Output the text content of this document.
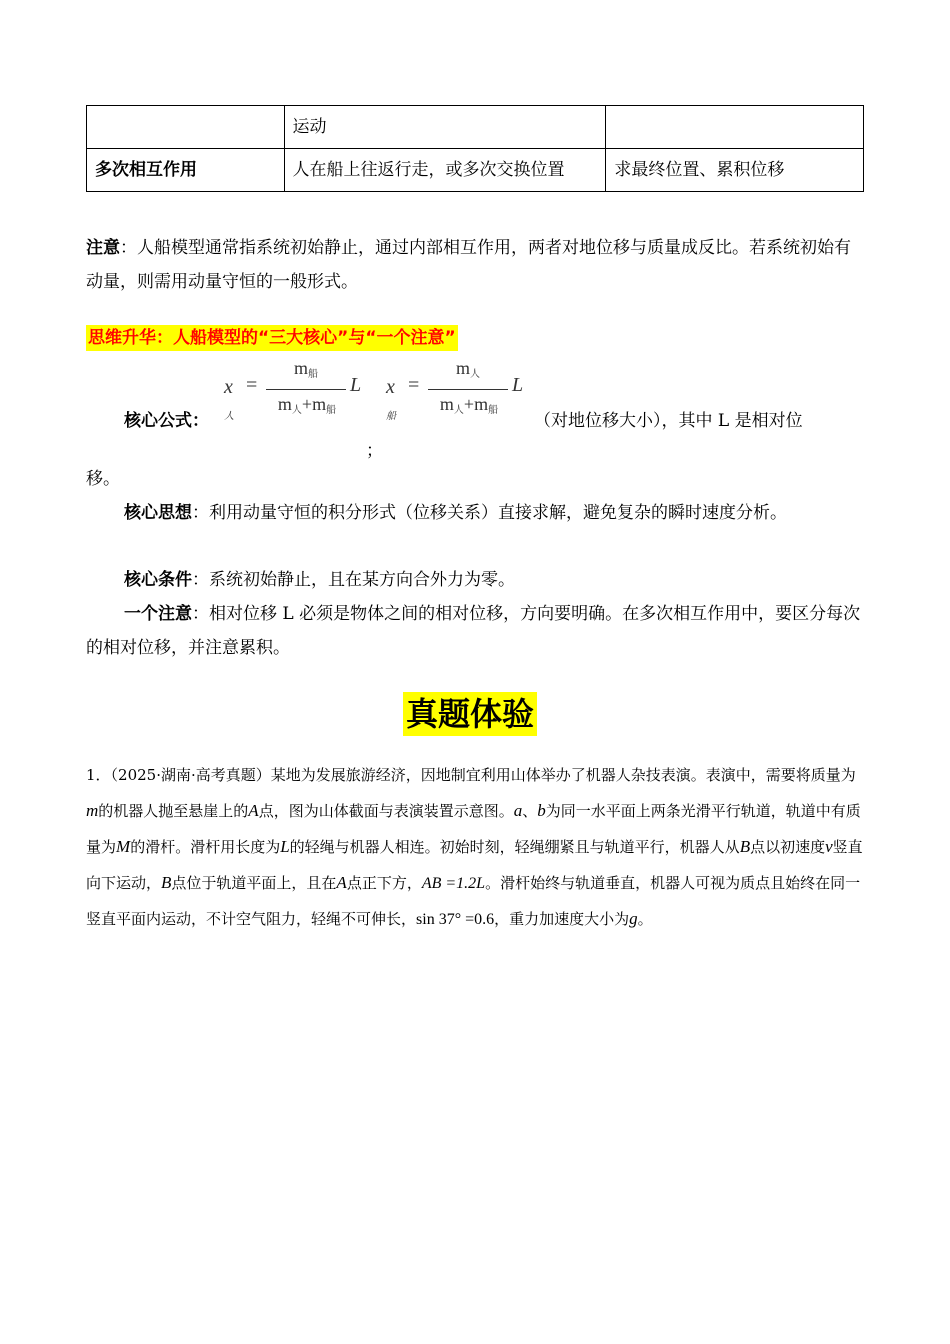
	运动	
多次相互作用	人在船上往返行走，或多次交换位置	求最终位置、累积位移
注意：人船模型通常指系统初始静止，通过内部相互作用，两者对地位移与质量成反比。若系统初始有动量，则需用动量守恒的一般形式。
思维升华：人船模型的“三大核心”与“一个注意”
核心公式：
$x_人$
=
$m_船$
$m_人+m_船$
L $x_船$
=
$m_人$
$m_人+m_船$
L
；
（对地位移大小），其中 L 是相对位
移。
核心思想：利用动量守恒的积分形式（位移关系）直接求解，避免复杂的瞬时速度分析。
核心条件：系统初始静止，且在某方向合外力为零。
一个注意：相对位移 L 必须是物体之间的相对位移，方向要明确。在多次相互作用中，要区分每次的相对位移，并注意累积。
真题体验
1．（2025·湖南·高考真题）某地为发展旅游经济，因地制宜利用山体举办了机器人杂技表演。表演中，需要将质量为m的机器人抛至悬崖上的A点，图为山体截面与表演装置示意图。a、b为同一水平面上两条光滑平行轨道，轨道中有质量为M的滑杆。滑杆用长度为L的轻绳与机器人相连。初始时刻，轻绳绷紧且与轨道平行，机器人从B点以初速度v竖直向下运动，B点位于轨道平面上，且在A点正下方，AB =1.2L。滑杆始终与轨道垂直，机器人可视为质点且始终在同一竖直平面内运动，不计空气阻力，轻绳不可伸长，sin 37° =0.6，重力加速度大小为g。
